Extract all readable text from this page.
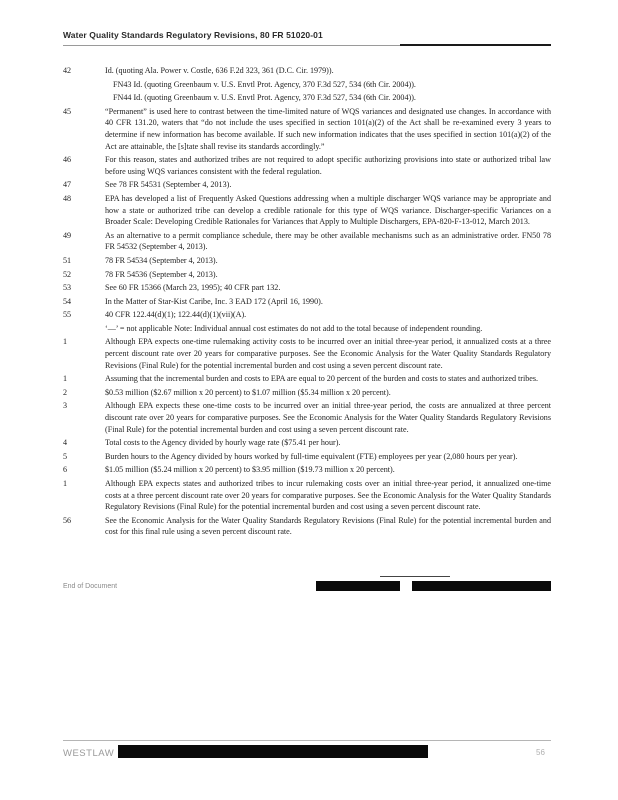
Water Quality Standards Regulatory Revisions, 80 FR 51020-01
42	Id. (quoting Ala. Power v. Costle, 636 F.2d 323, 361 (D.C. Cir. 1979)).
FN43 Id. (quoting Greenbaum v. U.S. Envtl Prot. Agency, 370 F.3d 527, 534 (6th Cir. 2004)).
FN44 Id. (quoting Greenbaum v. U.S. Envtl Prot. Agency, 370 F.3d 527, 534 (6th Cir. 2004)).
45	“Permanent” is used here to contrast between the time-limited nature of WQS variances and designated use changes. In accordance with 40 CFR 131.20, waters that “do not include the uses specified in section 101(a)(2) of the Act shall be re-examined every 3 years to determine if new information has become available. If such new information indicates that the uses specified in section 101(a)(2) of the Act are attainable, the [s]tate shall revise its standards accordingly.”
46	For this reason, states and authorized tribes are not required to adopt specific authorizing provisions into state or authorized tribal law before using WQS variances consistent with the federal regulation.
47	See 78 FR 54531 (September 4, 2013).
48	EPA has developed a list of Frequently Asked Questions addressing when a multiple discharger WQS variance may be appropriate and how a state or authorized tribe can develop a credible rationale for this type of WQS variance. Discharger-specific Variances on a Broader Scale: Developing Credible Rationales for Variances that Apply to Multiple Dischargers, EPA-820-F-13-012, March 2013.
49	As an alternative to a permit compliance schedule, there may be other available mechanisms such as an administrative order. FN50 78 FR 54532 (September 4, 2013).
51	78 FR 54534 (September 4, 2013).
52	78 FR 54536 (September 4, 2013).
53	See 60 FR 15366 (March 23, 1995); 40 CFR part 132.
54	In the Matter of Star-Kist Caribe, Inc. 3 EAD 172 (April 16, 1990).
55	40 CFR 122.44(d)(1); 122.44(d)(1)(vii)(A).
‘—’ = not applicable Note: Individual annual cost estimates do not add to the total because of independent rounding.
1	Although EPA expects one-time rulemaking activity costs to be incurred over an initial three-year period, it annualized costs at a three percent discount rate over 20 years for comparative purposes. See the Economic Analysis for the Water Quality Standards Regulatory Revisions (Final Rule) for the potential incremental burden and cost using a seven percent discount rate.
1	Assuming that the incremental burden and costs to EPA are equal to 20 percent of the burden and costs to states and authorized tribes.
2	$0.53 million ($2.67 million x 20 percent) to $1.07 million ($5.34 million x 20 percent).
3	Although EPA expects these one-time costs to be incurred over an initial three-year period, the costs are annualized at three percent discount rate over 20 years for comparative purposes. See the Economic Analysis for the Water Quality Standards Regulatory Revisions (Final Rule) for the potential incremental burden and cost using a seven percent discount rate.
4	Total costs to the Agency divided by hourly wage rate ($75.41 per hour).
5	Burden hours to the Agency divided by hours worked by full-time equivalent (FTE) employees per year (2,080 hours per year).
6	$1.05 million ($5.24 million x 20 percent) to $3.95 million ($19.73 million x 20 percent).
1	Although EPA expects states and authorized tribes to incur rulemaking costs over an initial three-year period, it annualized one-time costs at a three percent discount rate over 20 years for comparative purposes. See the Economic Analysis for the Water Quality Standards Regulatory Revisions (Final Rule) for the potential incremental burden and cost using a seven percent discount rate.
56	See the Economic Analysis for the Water Quality Standards Regulatory Revisions (Final Rule) for the potential incremental burden and cost for this final rule using a seven percent discount rate.
End of Document
WESTLAW	56
